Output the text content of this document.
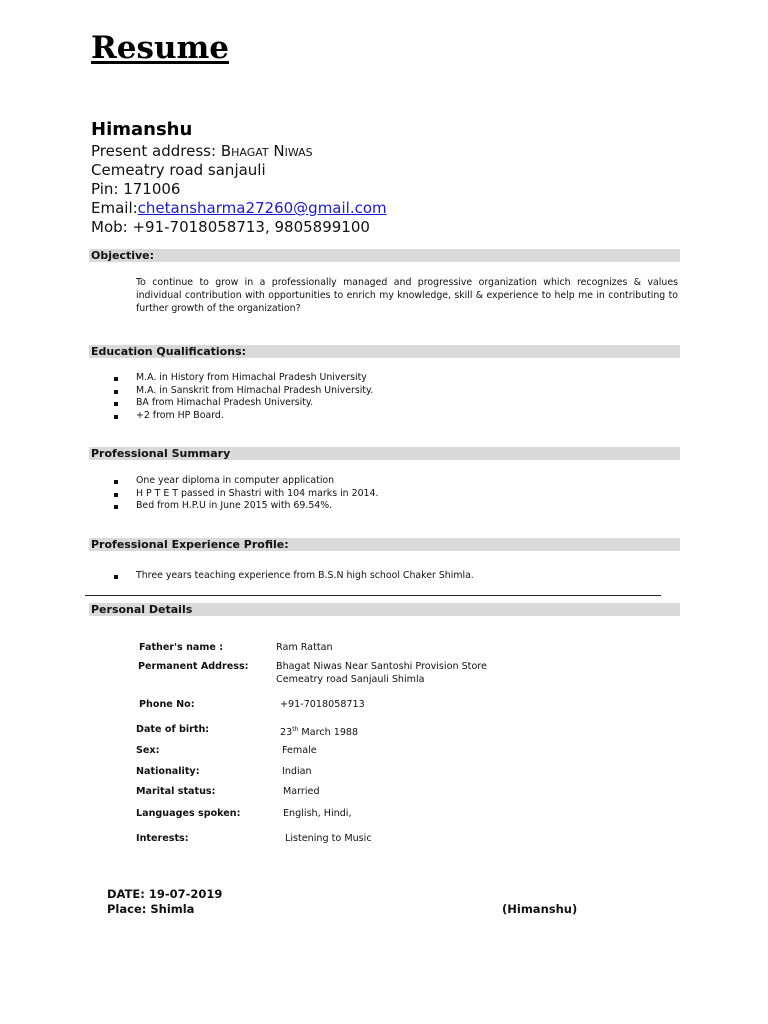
Resume
Himanshu
Present address: Bhagat Niwas
Cemeatry road sanjauli
Pin: 171006
Email:chetansharma27260@gmail.com
Mob: +91-7018058713, 9805899100
Objective:
To continue to grow in a professionally managed and progressive organization which recognizes & values individual contribution with opportunities to enrich my knowledge, skill & experience to help me in contributing to further growth of the organization?
Education Qualifications:
M.A. in History from Himachal Pradesh University
M.A. in Sanskrit from Himachal Pradesh University.
BA from Himachal Pradesh University.
+2 from HP Board.
Professional Summary
One year diploma in computer application
H P T E T passed in Shastri with 104 marks in 2014.
Bed from H.P.U in June 2015 with 69.54%.
Professional Experience Profile:
Three years teaching experience from B.S.N high school Chaker Shimla.
Personal Details
Father's name :	Ram Rattan
Permanent Address:	Bhagat Niwas Near Santoshi Provision Store
Cemeatry road Sanjauli Shimla
Phone No:	+91-7018058713
Date of birth:	23th March 1988
Sex:	Female
Nationality:	Indian
Marital status:	Married
Languages spoken:	English, Hindi,
Interests:	Listening to Music
DATE: 19-07-2019
Place: Shimla	(Himanshu)
